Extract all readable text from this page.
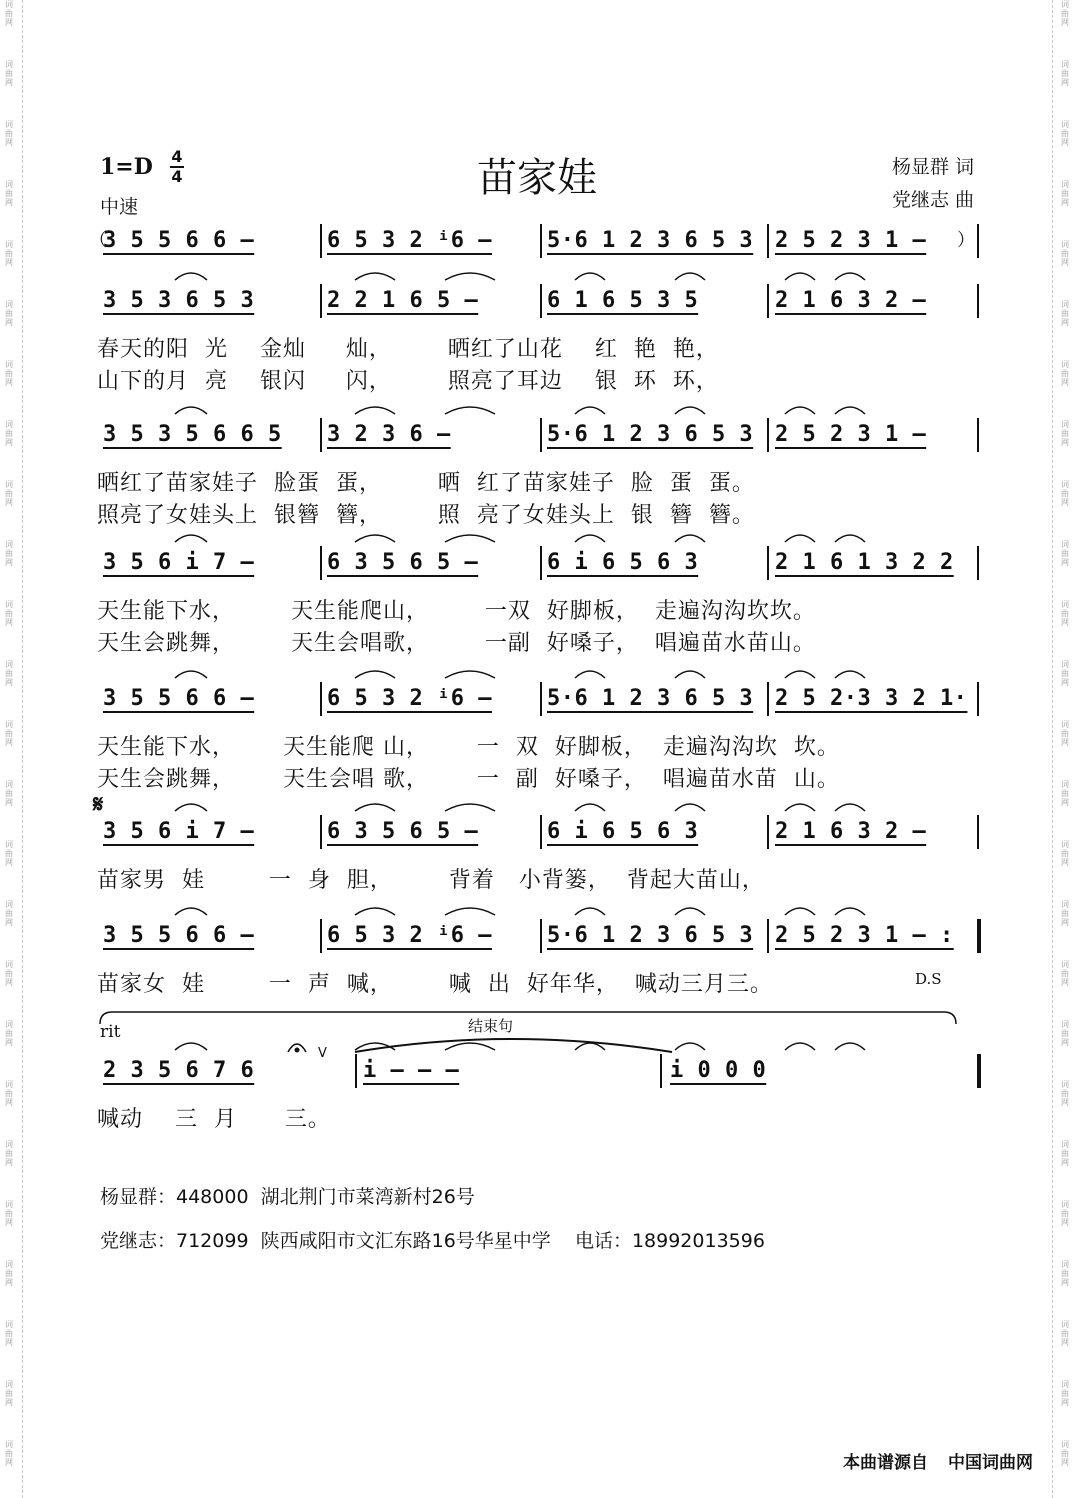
词
曲
网
词
曲
网
词
曲
网
词
曲
网
词
曲
网
词
曲
网
词
曲
网
词
曲
网
词
曲
网
词
曲
网
词
曲
网
词
曲
网
词
曲
网
词
曲
网
词
曲
网
词
曲
网
词
曲
网
词
曲
网
词
曲
网
词
曲
网
词
曲
网
词
曲
网
词
曲
网
词
曲
网
词
曲
网
词
曲
网
词
曲
网
词
曲
网
词
曲
网
词
曲
网
词
曲
网
词
曲
网
词
曲
网
词
曲
网
词
曲
网
词
曲
网
词
曲
网
词
曲
网
词
曲
网
词
曲
网
词
曲
网
词
曲
网
词
曲
网
词
曲
网
词
曲
网
词
曲
网
词
曲
网
词
曲
网
词
曲
网
词
曲
网
1=D 4
4
中速
苗家娃	杨显群 词
党继志 曲
（
3 5 5 6 6 –	6 5 3 2 ⁱ6 –	5·6 1 2 3 6 5 3 2 5 2 3 1 – ）
3 5 3 6 5 3	2 2 1 6 5 –	6 1 6 5 3 5	2 1 6 3 2 –
春天的阳  光    金灿     灿，       晒红了山花    红  艳  艳，
山下的月  亮    银闪     闪，       照亮了耳边    银  环  环，
3 5 3 5 6 6 5 3 2 3 6 –	5·6 1 2 3 6 5 3 2 5 2 3 1 –
晒红了苗家娃子  脸蛋  蛋，       晒  红了苗家娃子  脸  蛋  蛋。
照亮了女娃头上  银簪  簪，       照  亮了女娃头上  银  簪  簪。
3 5 6 i 7 –	6 3 5 6 5 –	6 i 6 5 6 3	2 1 6 1 3 2 2
天生能下水，       天生能爬山，       一双  好脚板，  走遍沟沟坎坎。
天生会跳舞，       天生会唱歌，       一副  好嗓子，  唱遍苗水苗山。
3 5 5 6 6 –	6 5 3 2 ⁱ6 –	5·6 1 2 3 6 5 3 2 5 2·3 3 2 1·
天生能下水，      天生能爬 山，      一  双  好脚板，  走遍沟沟坎  坎。
天生会跳舞，      天生会唱 歌，      一  副  好嗓子，  唱遍苗水苗  山。
3 5 6 i 7 –	6 3 5 6 5 –	6 i 6 5 6 3	2 1 6 3 2 –
苗家男  娃        一  身  胆，       背着   小背篓，  背起大苗山，
3 5 5 6 6 –	6 5 3 2 ⁱ6 –	5·6 1 2 3 6 5 3 2 5 2 3 1 – :
苗家女  娃        一  声  喊，       喊  出  好年华，  喊动三月三。
2 3 5 6 7 6	i – – –	i 0 0 0
喊动    三  月      三。
𝄋
D.S
rit	结束句
V
杨显群：448000  湖北荆门市菜湾新村26号
党继志：712099  陕西咸阳市文汇东路16号华星中学    电话：18992013596
本曲谱源自 中国词曲网
